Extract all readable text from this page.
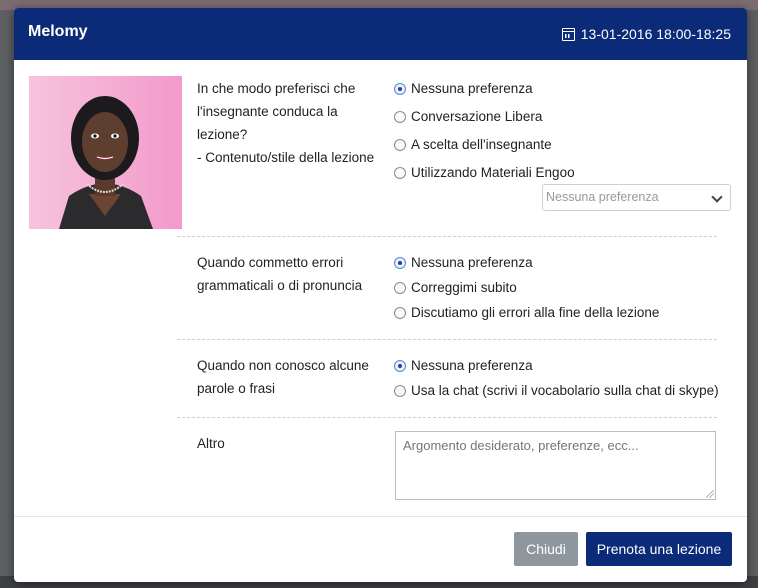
Melomy	13-01-2016 18:00-18:25
In che modo preferisci che
l'insegnante conduca la
lezione?
- Contenuto/stile della lezione
Nessuna preferenza
Conversazione Libera
A scelta dell'insegnante
Utilizzando Materiali Engoo
Nessuna preferenza
Quando commetto errori
grammaticali o di pronuncia
Nessuna preferenza
Correggimi subito
Discutiamo gli errori alla fine della lezione
Quando non conosco alcune
parole o frasi
Nessuna preferenza
Usa la chat (scrivi il vocabolario sulla chat di skype)
Altro
Argomento desiderato, preferenze, ecc...
Chiudi	Prenota una lezione
